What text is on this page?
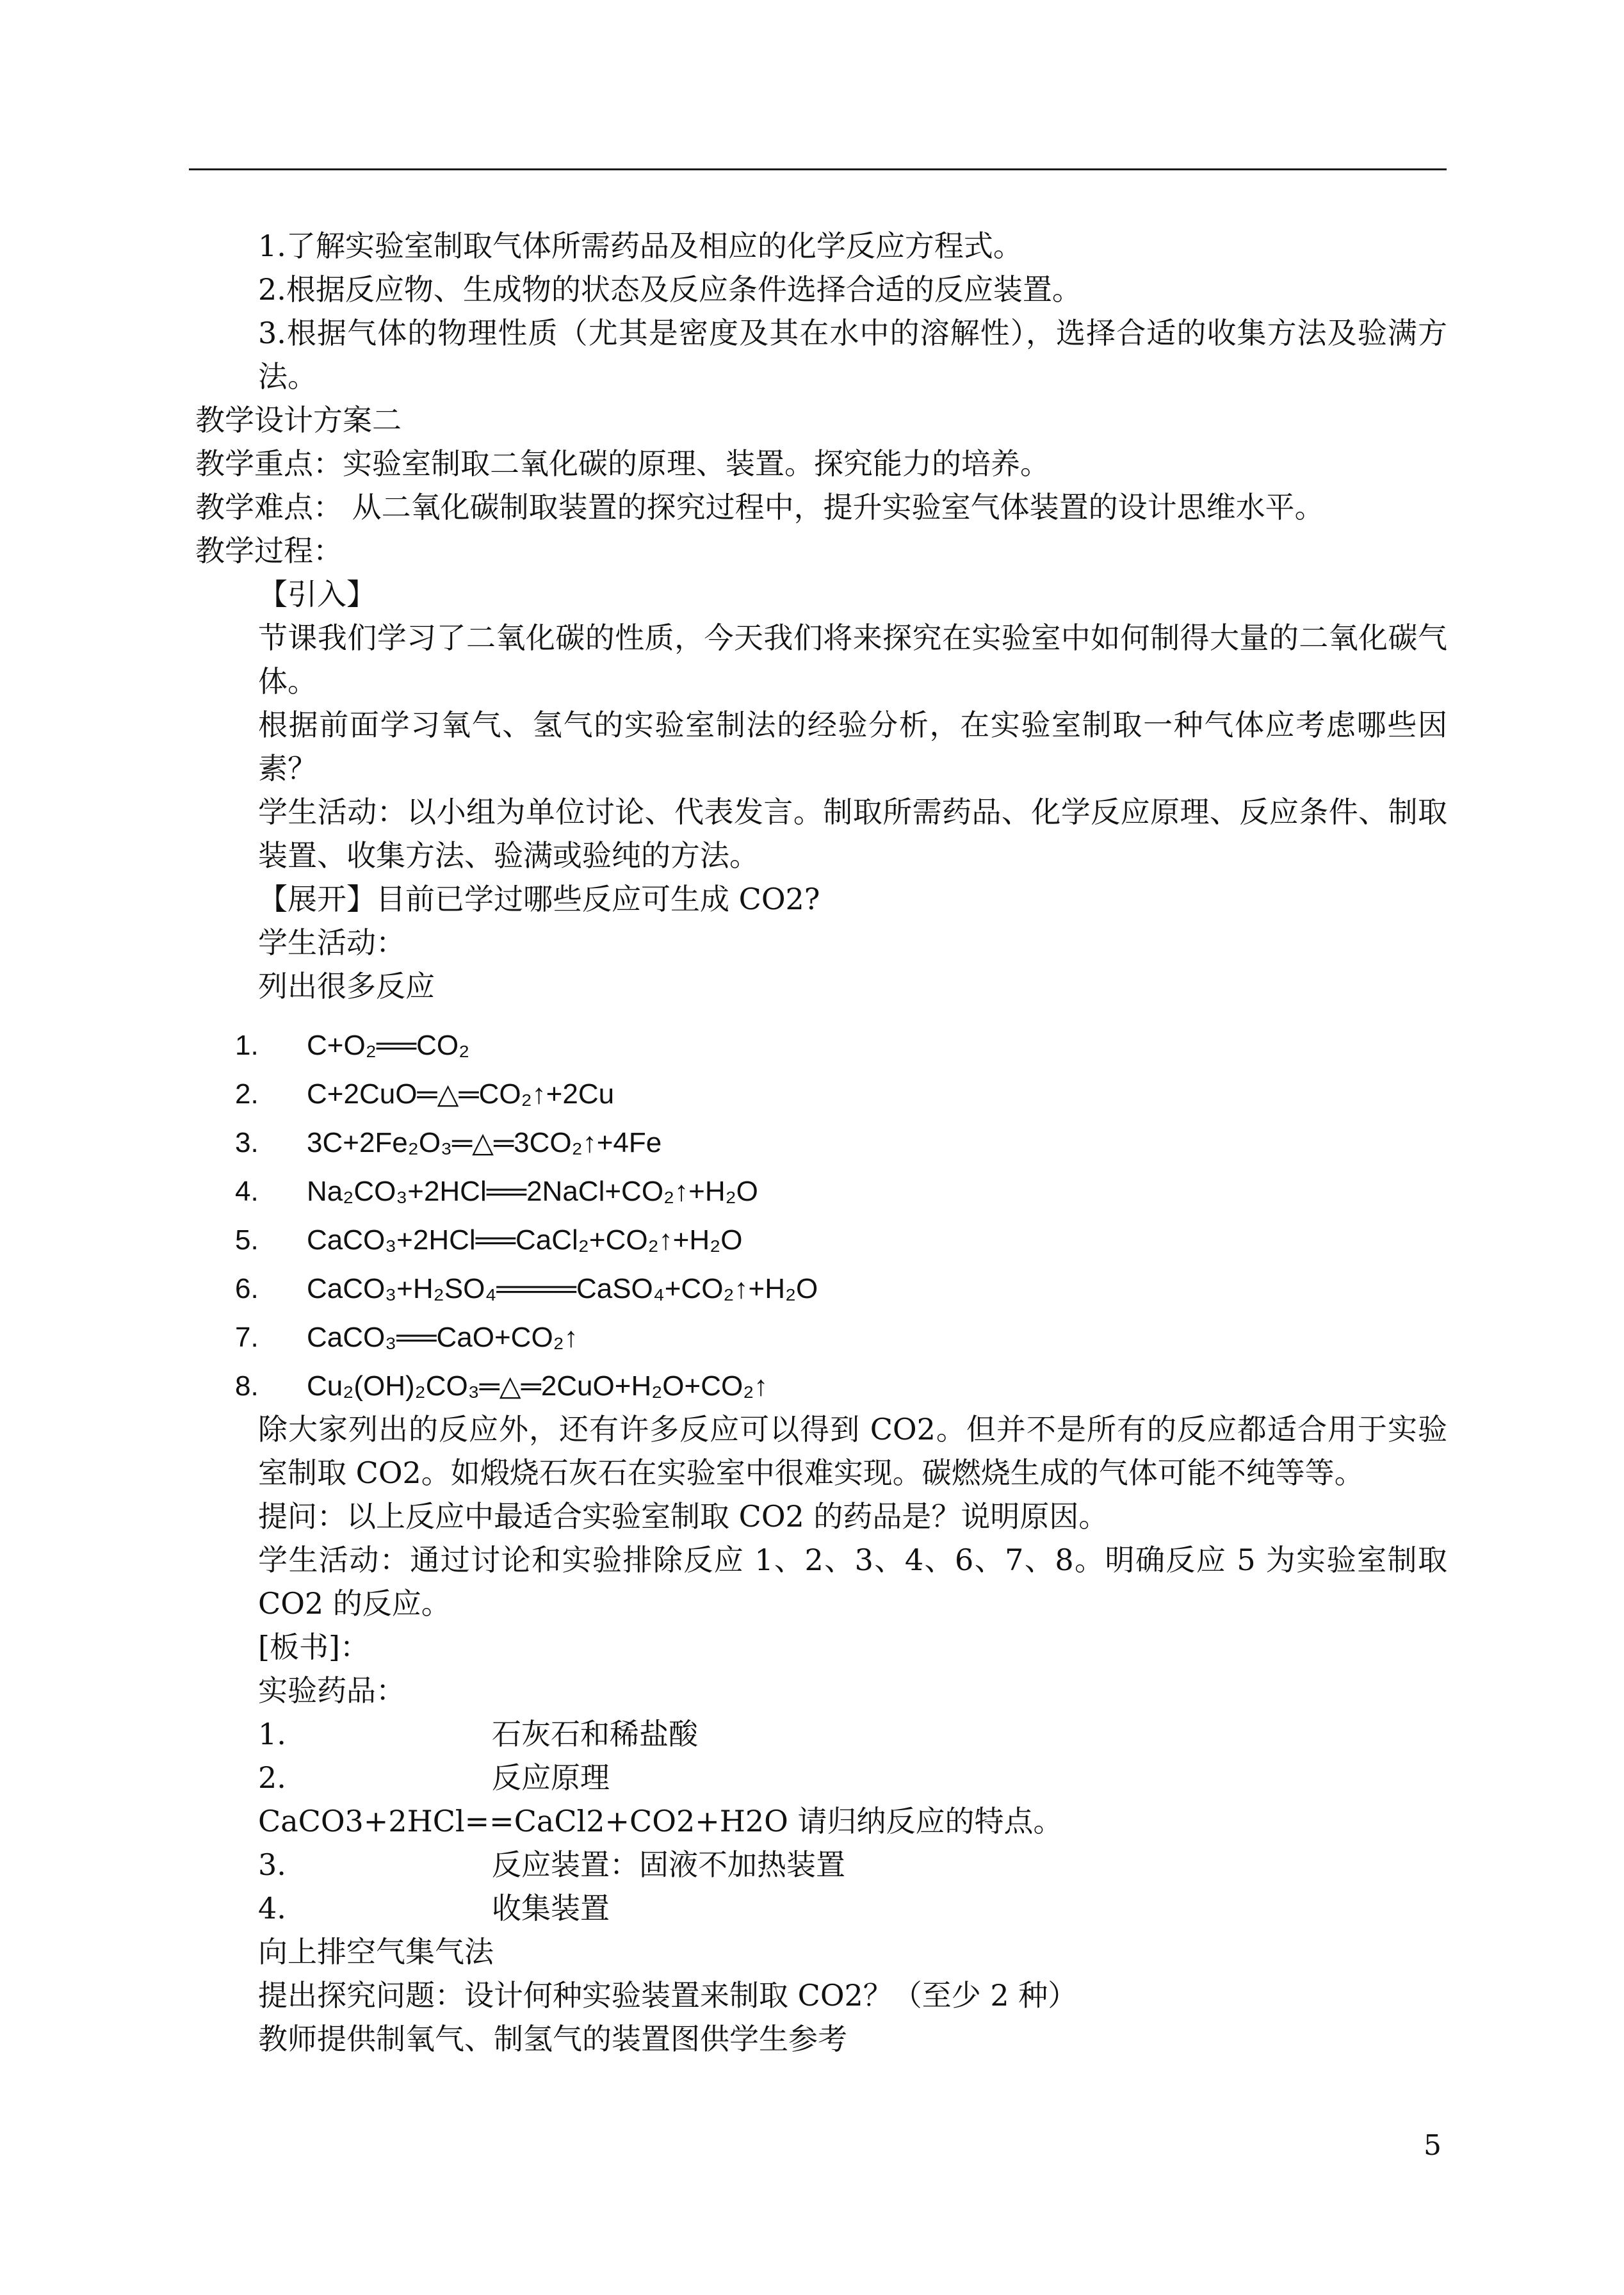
1.了解实验室制取气体所需药品及相应的化学反应方程式。

2.根据反应物、生成物的状态及反应条件选择合适的反应装置。

3.根据气体的物理性质（尤其是密度及其在水中的溶解性），选择合适的收集方法及验满方法。

教学设计方案二

教学重点：实验室制取二氧化碳的原理、装置。探究能力的培养。

教学难点： 从二氧化碳制取装置的探究过程中，提升实验室气体装置的设计思维水平。

教学过程：

【引入】

节课我们学习了二氧化碳的性质，今天我们将来探究在实验室中如何制得大量的二氧化碳气体。

根据前面学习氧气、氢气的实验室制法的经验分析，在实验室制取一种气体应考虑哪些因素？

学生活动：以小组为单位讨论、代表发言。制取所需药品、化学反应原理、反应条件、制取装置、收集方法、验满或验纯的方法。

【展开】目前已学过哪些反应可生成 CO2?

学生活动：

列出很多反应

1.	C+O₂══CO₂
2.	C+2CuO═△═CO₂↑+2Cu
3.	3C+2Fe₂O₃═△═3CO₂↑+4Fe
4.	Na₂CO₃+2HCl══2NaCl+CO₂↑+H₂O
5.	CaCO₃+2HCl══CaCl₂+CO₂↑+H₂O
6.	CaCO₃+H₂SO₄════CaSO₄+CO₂↑+H₂O
7.	CaCO₃══CaO+CO₂↑
8.	Cu₂(OH)₂CO₃═△═2CuO+H₂O+CO₂↑

除大家列出的反应外，还有许多反应可以得到 CO2。但并不是所有的反应都适合用于实验室制取 CO2。如煅烧石灰石在实验室中很难实现。碳燃烧生成的气体可能不纯等等。

提问：以上反应中最适合实验室制取 CO2 的药品是？说明原因。

学生活动：通过讨论和实验排除反应 1、2、3、4、6、7、8。明确反应 5 为实验室制取 CO2 的反应。

[板书]：

实验药品：

1.	石灰石和稀盐酸
2.	反应原理

CaCO3+2HCl==CaCl2+CO2+H2O 请归纳反应的特点。

3.	反应装置：固液不加热装置
4.	收集装置

向上排空气集气法

提出探究问题：设计何种实验装置来制取 CO2？（至少 2 种）

教师提供制氧气、制氢气的装置图供学生参考

5
